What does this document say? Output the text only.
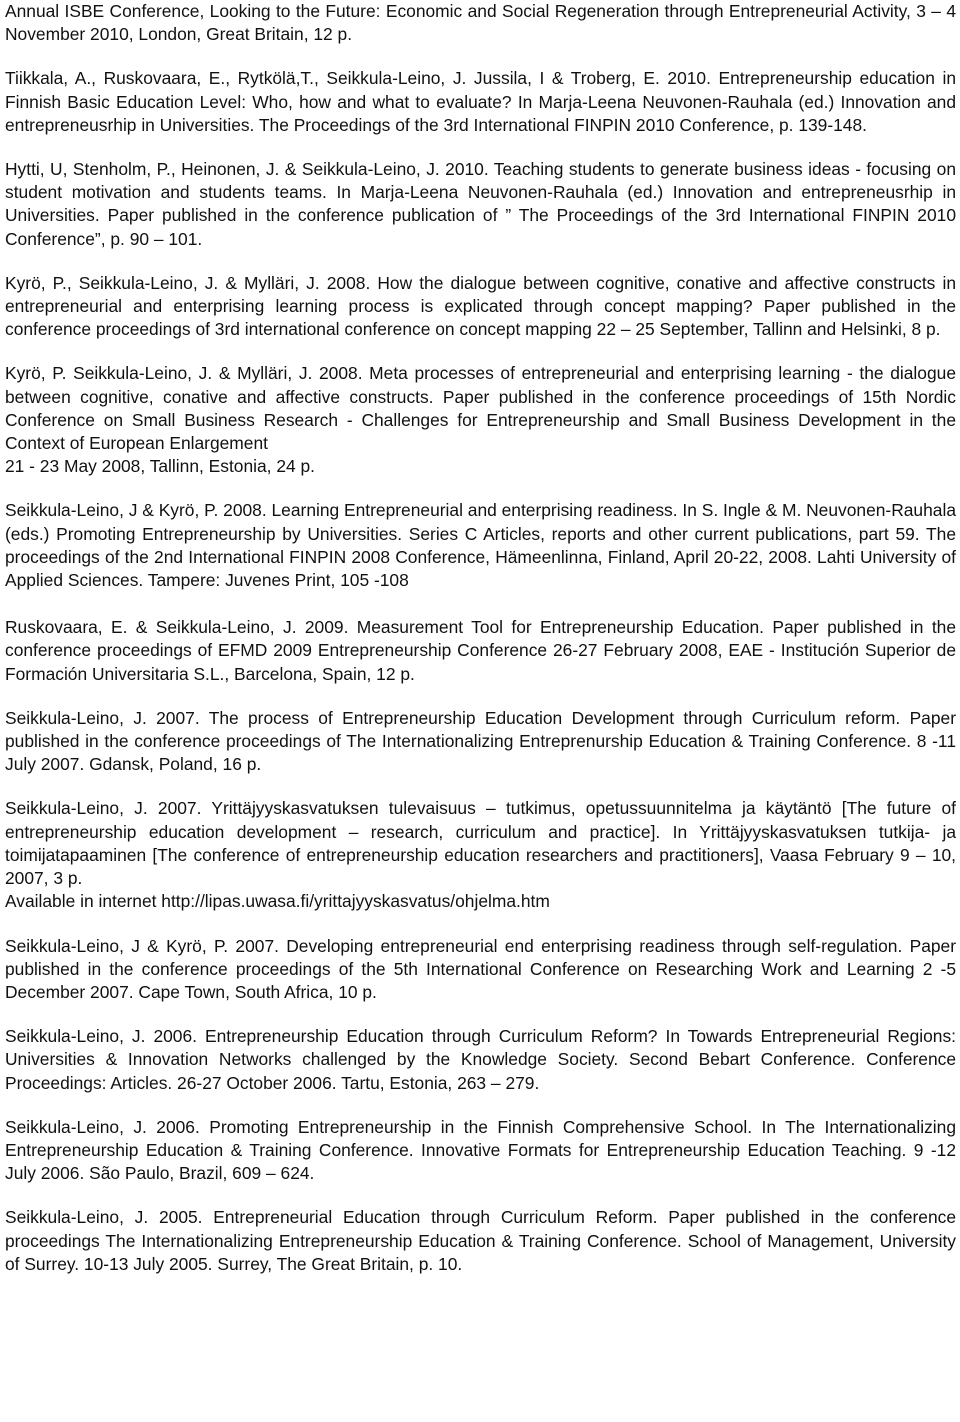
Annual ISBE Conference, Looking to the Future: Economic and Social Regeneration through Entrepreneurial Activity, 3 – 4 November 2010, London, Great Britain, 12 p.

Tiikkala, A., Ruskovaara, E., Rytkölä,T., Seikkula-Leino, J. Jussila, I & Troberg, E. 2010. Entrepreneurship education in Finnish Basic Education Level: Who, how and what to evaluate? In Marja-Leena Neuvonen-Rauhala (ed.) Innovation and entrepreneusrhip in Universities. The Proceedings of the 3rd International FINPIN 2010 Conference, p. 139-148.

Hytti, U, Stenholm, P., Heinonen, J. & Seikkula-Leino, J. 2010. Teaching students to generate business ideas - focusing on student motivation and students teams. In Marja-Leena Neuvonen-Rauhala (ed.) Innovation and entrepreneusrhip in Universities. Paper published in the conference publication of ” The Proceedings of the 3rd International FINPIN 2010 Conference”, p. 90 – 101.

Kyrö, P., Seikkula-Leino, J. & Mylläri, J. 2008. How the dialogue between cognitive, conative and affective constructs in entrepreneurial and enterprising learning process is explicated through concept mapping? Paper published in the conference proceedings of 3rd international conference on concept mapping 22 – 25 September, Tallinn and Helsinki, 8 p.

Kyrö, P. Seikkula-Leino, J. & Mylläri, J. 2008. Meta processes of entrepreneurial and enterprising learning - the dialogue between cognitive, conative and affective constructs. Paper published in the conference proceedings of 15th Nordic Conference on Small Business Research - Challenges for Entrepreneurship and Small Business Development in the Context of European Enlargement

21 - 23 May 2008, Tallinn, Estonia, 24 p.

Seikkula-Leino, J & Kyrö, P. 2008. Learning Entrepreneurial and enterprising readiness. In S. Ingle & M. Neuvonen-Rauhala (eds.) Promoting Entrepreneurship by Universities. Series C Articles, reports and other current publications, part 59. The proceedings of the 2nd International FINPIN 2008 Conference, Hämeenlinna, Finland, April 20-22, 2008. Lahti University of Applied Sciences. Tampere: Juvenes Print, 105 -108

Ruskovaara, E. & Seikkula-Leino, J. 2009. Measurement Tool for Entrepreneurship Education. Paper published in the conference proceedings of EFMD 2009 Entrepreneurship Conference 26-27 February 2008, EAE - Institución Superior de Formación Universitaria S.L., Barcelona, Spain, 12 p.

Seikkula-Leino, J. 2007. The process of Entrepreneurship Education Development through Curriculum reform. Paper published in the conference proceedings of The Internationalizing Entreprenurship Education & Training Conference. 8 -11 July 2007. Gdansk, Poland, 16 p.

Seikkula-Leino, J. 2007. Yrittäjyyskasvatuksen tulevaisuus – tutkimus, opetussuunnitelma ja käytäntö [The future of entrepreneurship education development – research, curriculum and practice]. In Yrittäjyyskasvatuksen tutkija- ja toimijatapaaminen [The conference of entrepreneurship education researchers and practitioners], Vaasa February 9 – 10, 2007, 3 p.

Available in internet http://lipas.uwasa.fi/yrittajyyskasvatus/ohjelma.htm

Seikkula-Leino, J & Kyrö, P. 2007. Developing entrepreneurial end enterprising readiness through self-regulation. Paper published in the conference proceedings of the 5th International Conference on Researching Work and Learning 2 -5 December 2007. Cape Town, South Africa, 10 p.

Seikkula-Leino, J. 2006. Entrepreneurship Education through Curriculum Reform? In Towards Entrepreneurial Regions: Universities & Innovation Networks challenged by the Knowledge Society. Second Bebart Conference. Conference Proceedings: Articles. 26-27 October 2006. Tartu, Estonia, 263 – 279.

Seikkula-Leino, J. 2006. Promoting Entrepreneurship in the Finnish Comprehensive School. In The Internationalizing Entrepreneurship Education & Training Conference. Innovative Formats for Entrepreneurship Education Teaching. 9 -12 July 2006. São Paulo, Brazil, 609 – 624.

Seikkula-Leino, J. 2005. Entrepreneurial Education through Curriculum Reform. Paper published in the conference proceedings The Internationalizing Entrepreneurship Education & Training Conference. School of Management, University of Surrey. 10-13 July 2005. Surrey, The Great Britain, p. 10.
